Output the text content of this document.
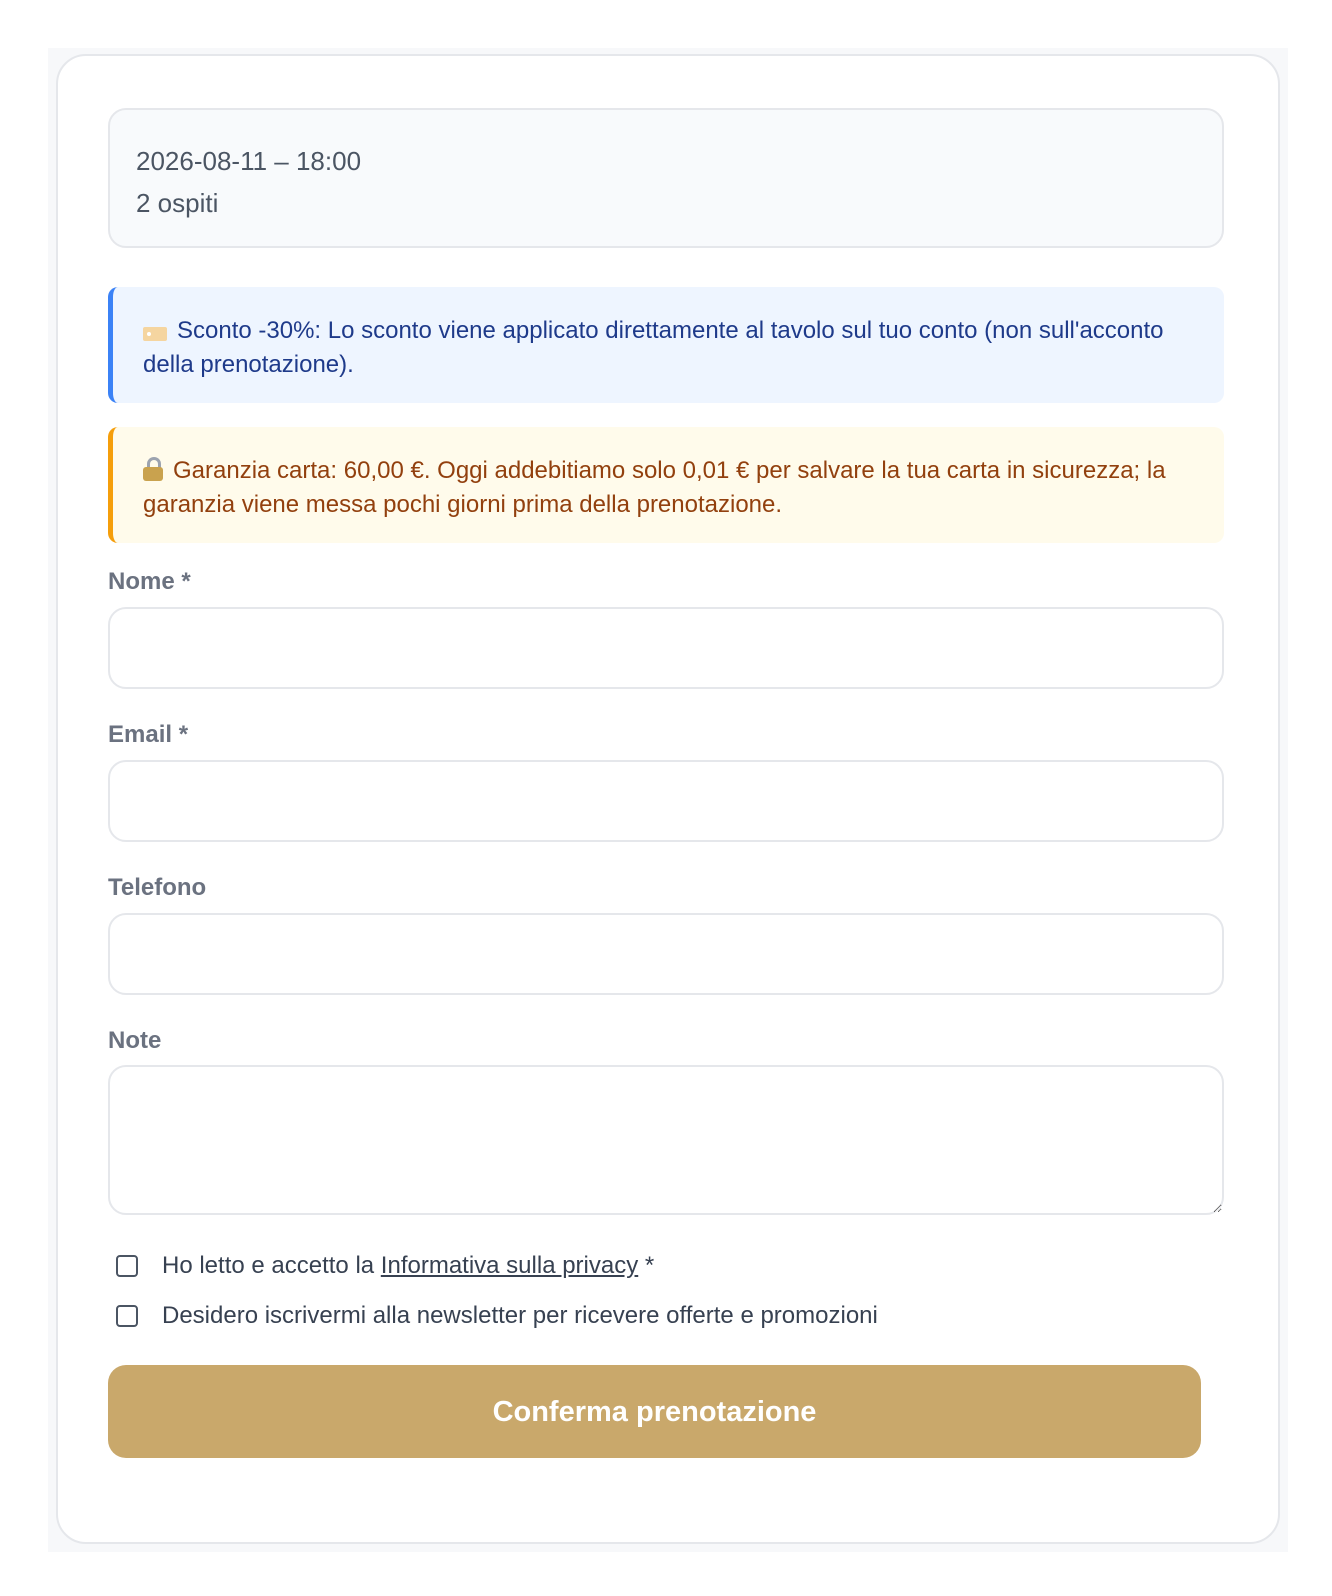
2026-08-11 – 18:00
2 ospiti
Sconto -30%: Lo sconto viene applicato direttamente al tavolo sul tuo conto (non sull'acconto della prenotazione).
Garanzia carta: 60,00 €. Oggi addebitiamo solo 0,01 € per salvare la tua carta in sicurezza; la garanzia viene messa pochi giorni prima della prenotazione.
Nome *
Email *
Telefono
Note
Ho letto e accetto la Informativa sulla privacy *
Desidero iscrivermi alla newsletter per ricevere offerte e promozioni
Conferma prenotazione
